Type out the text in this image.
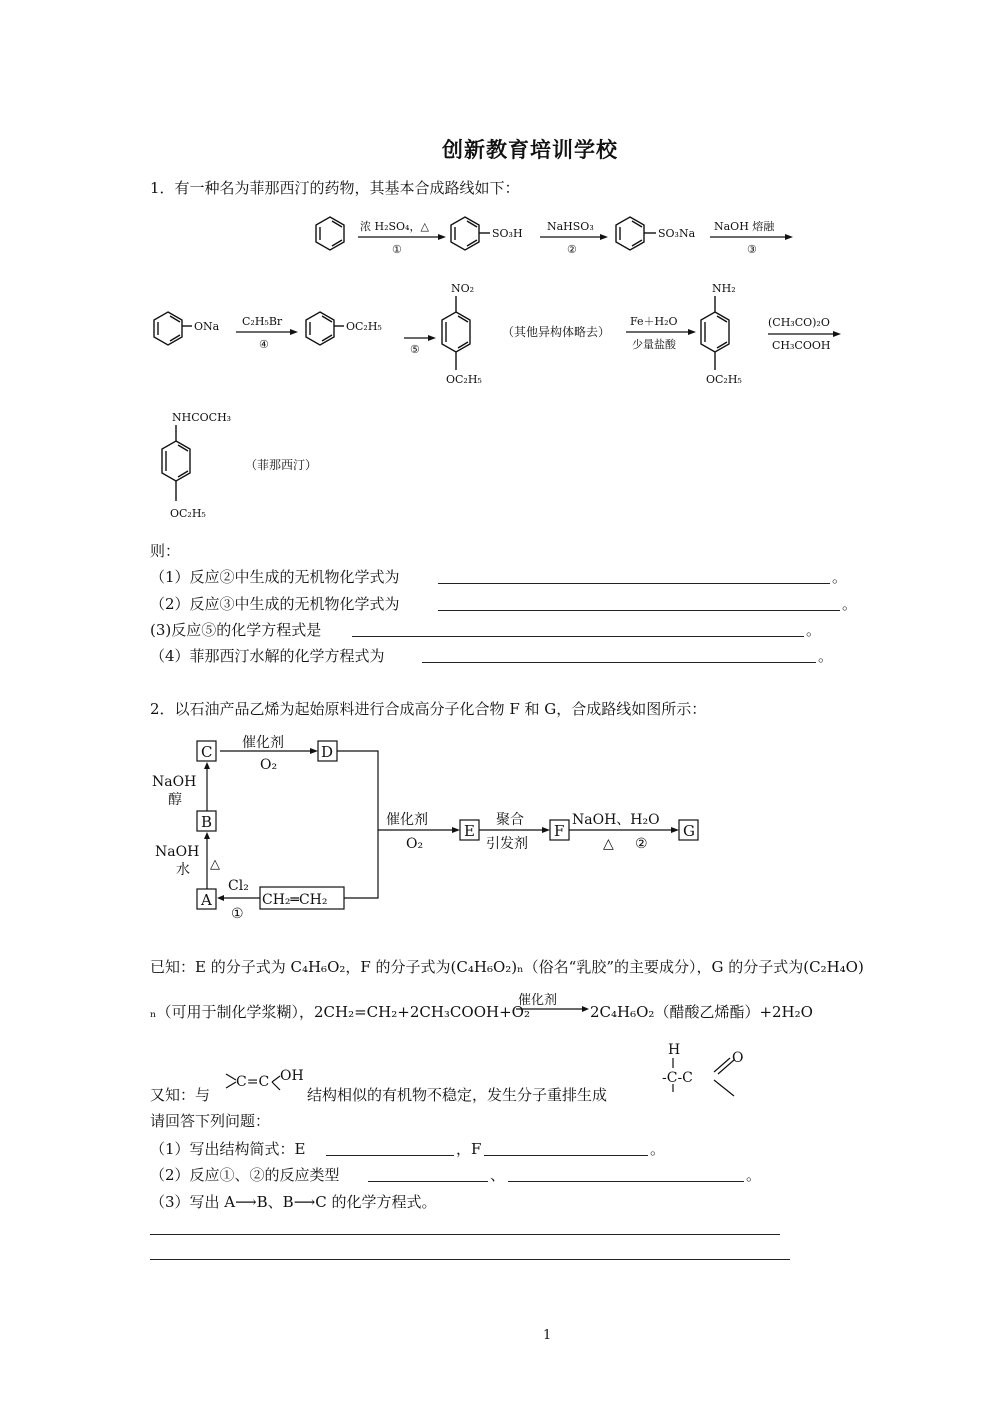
创新教育培训学校
1．有一种名为菲那西汀的药物，其基本合成路线如下：
浓 H₂SO₄，△
①
SO₃H
NaHSO₃
②
SO₃Na
NaOH 熔融
③
ONa C₂H₅Br
④
OC₂H₅
⑤
NO₂
OC₂H₅
（其他异构体略去）
Fe＋H₂O
少量盐酸
NH₂
OC₂H₅
(CH₃CO)₂O
CH₃COOH
NHCOCH₃
OC₂H₅
（菲那西汀）
则：
（1）反应②中生成的无机物化学式为	。
（2）反应③中生成的无机物化学式为	。
(3)反应⑤的化学方程式是	。
（4）菲那西汀水解的化学方程式为	。
2．以石油产品乙烯为起始原料进行合成高分子化合物 F 和 G，合成路线如图所示：
C	D
B
A
E	F	G
CH₂═CH₂
催化剂
O₂
NaOH
醇
NaOH
水 △
Cl₂
①
催化剂
O₂
聚合
引发剂
NaOH、H₂O
△ ②
已知：E 的分子式为 C₄H₆O₂，F 的分子式为(C₄H₆O₂)ₙ（俗名“乳胶”的主要成分），G 的分子式为(C₂H₄O)
ₙ（可用于制化学浆糊），2CH₂=CH₂+2CH₃COOH+O₂
催化剂
2C₄H₆O₂（醋酸乙烯酯）+2H₂O
又知：与
C=C OH
结构相似的有机物不稳定，发生分子重排生成
H	O
-C-C
请回答下列问题：
（1）写出结构简式：E	，F	。
（2）反应①、②的反应类型	、	。
（3）写出 A⟶B、B⟶C 的化学方程式。
1
